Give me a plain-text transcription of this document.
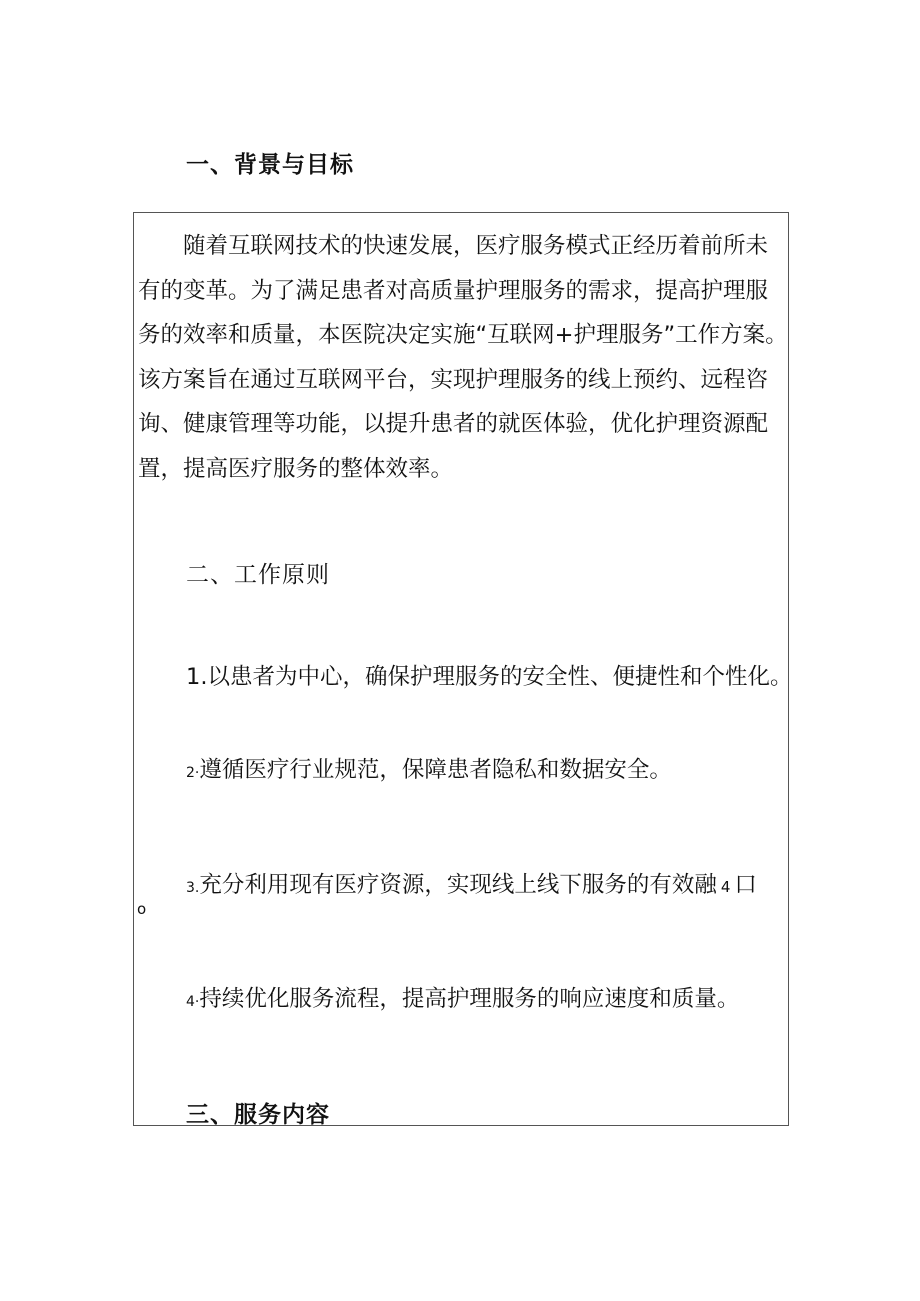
一、背景与目标

随着互联网技术的快速发展，医疗服务模式正经历着前所未有的变革。为了满足患者对高质量护理服务的需求，提高护理服务的效率和质量，本医院决定实施“互联网+护理服务”工作方案。该方案旨在通过互联网平台，实现护理服务的线上预约、远程咨询、健康管理等功能，以提升患者的就医体验，优化护理资源配置，提高医疗服务的整体效率。

二、工作原则
1.以患者为中心，确保护理服务的安全性、便捷性和个性化。
2·遵循医疗行业规范，保障患者隐私和数据安全。
3.充分利用现有医疗资源，实现线上线下服务的有效融 4 口
o
4·持续优化服务流程，提高护理服务的响应速度和质量。
三、服务内容
